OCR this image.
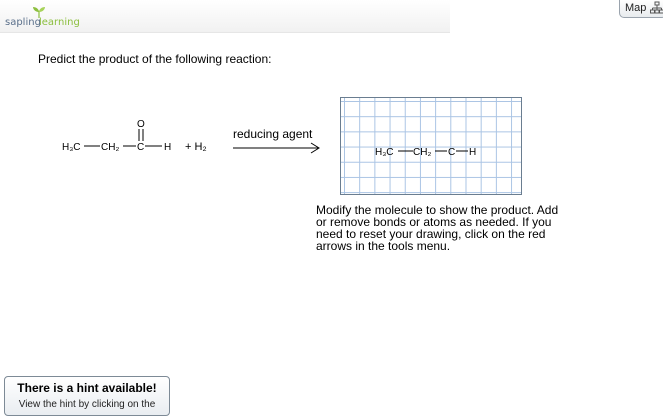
sapling
learning
Map
Predict the product of the following reaction:
H₃C CH₂ C H
O
+ H₂
reducing agent
H₃C CH₂ C H
Modify the molecule to show the product. Add or remove bonds or atoms as needed. If you need to reset your drawing, click on the red arrows in the tools menu.
There is a hint available!
View the hint by clicking on the
